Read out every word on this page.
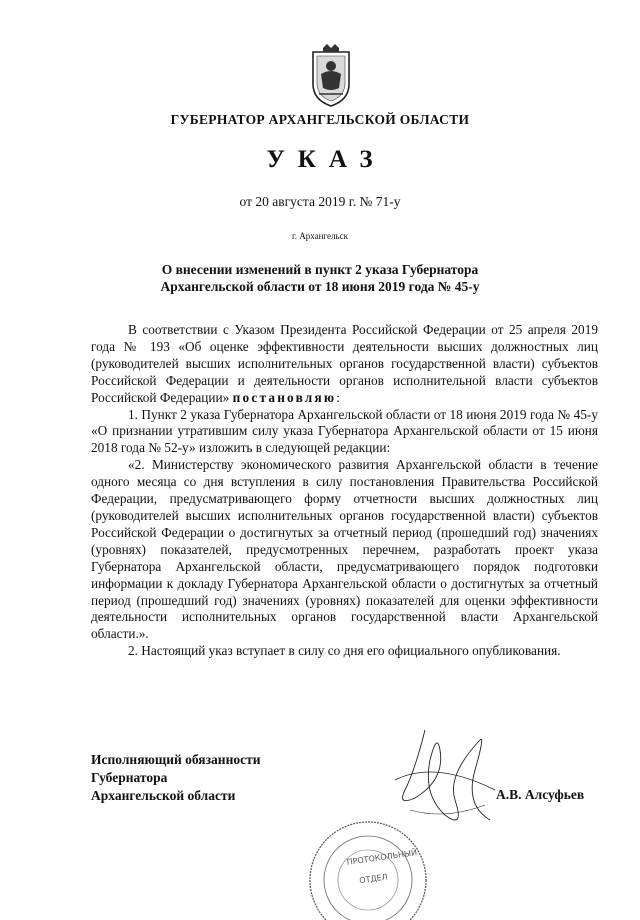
ГУБЕРНАТОР АРХАНГЕЛЬСКОЙ ОБЛАСТИ
УКАЗ
от 20 августа 2019 г. № 71-у
г. Архангельск
О внесении изменений в пункт 2 указа Губернатора
Архангельской области от 18 июня 2019 года № 45-у

В соответствии с Указом Президента Российской Федерации от 25 апреля 2019 года № 193 «Об оценке эффективности деятельности высших должностных лиц (руководителей высших исполнительных органов государственной власти) субъектов Российской Федерации и деятельности органов исполнительной власти субъектов Российской Федерации» постановляю:

1. Пункт 2 указа Губернатора Архангельской области от 18 июня 2019 года № 45-у «О признании утратившим силу указа Губернатора Архангельской области от 15 июня 2018 года № 52-у» изложить в следующей редакции:

«2. Министерству экономического развития Архангельской области в течение одного месяца со дня вступления в силу постановления Правительства Российской Федерации, предусматривающего форму отчетности высших должностных лиц (руководителей высших исполнительных органов государственной власти) субъектов Российской Федерации о достигнутых за отчетный период (прошедший год) значениях (уровнях) показателей, предусмотренных перечнем, разработать проект указа Губернатора Архангельской области, предусматривающего порядок подготовки информации к докладу Губернатора Архангельской области о достигнутых за отчетный период (прошедший год) значениях (уровнях) показателей для оценки эффективности деятельности исполнительных органов государственной власти Архангельской области.».

2. Настоящий указ вступает в силу со дня его официального опубликования.

Исполняющий обязанности
Губернатора
Архангельской области	А.В. Алсуфьев
ПРОТОКОЛЬНЫЙ
ОТДЕЛ
